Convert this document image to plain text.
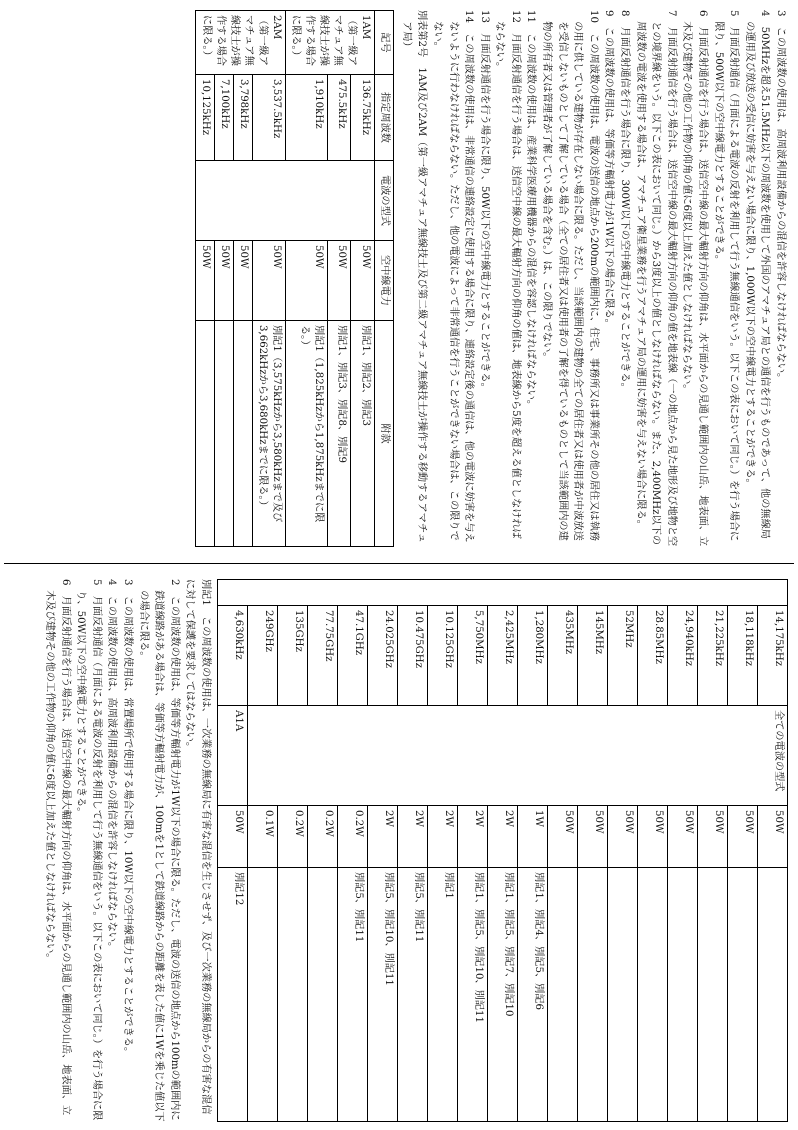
3　この周波数の使用は、高周波利用設備からの混信を許容しなければならない。

4　50MHzを超え51.5MHz以下の周波数を使用して外国のアマチュア局との通信を行うものであって、他の無線局の運用及び放送の受信に妨害を与えない場合に限り、1,000W以下の空中線電力とすることができる。

5　月面反射通信（月面による電波の反射を利用して行う無線通信をいう。以下この表において同じ。）を行う場合に限り、500W以下の空中線電力とすることができる。

6　月面反射通信を行う場合は、送信空中線の最大輻射方向の仰角は、水平面からの見通し範囲内の山岳、地表面、立木及び建物その他の工作物の仰角の値に6度以上加えた値としなければならない。

7　月面反射通信を行う場合は、送信空中線の最大輻射方向の仰角の値を地表線（一の地点から見た地形及び地物と空との境界線をいう。以下この表において同じ。）から3度以上の値としなければならない。また、2,400MHz以下の周波数の電波を使用する場合は、アマチュア衛星業務を行うアマチュア局の運用に妨害を与えない場合に限る。

8　月面反射通信を行う場合に限り、300W以下の空中線電力とすることができる。

9　この周波数の使用は、等価等方輻射電力が1W以下の場合に限る。

10　この周波数の使用は、電波の送信の地点から200mの範囲内に、住宅、事務所又は事業所その他の居住又は執務の用に供している建物が存在しない場合に限る。ただし、当該範囲内の建物の全ての居住者又は使用者が中波放送を受信しないものとして了解している場合（全ての居住者又は使用者の了解を得ているものとして当該範囲内の建物の所有者又は管理者が了解している場合を含む。）は、この限りでない。

11　この周波数の使用は、産業科学医療用機器からの混信を容認しなければならない。

12　月面反射通信を行う場合は、送信空中線の最大輻射方向の仰角の値は、地表線から5度を超える値としなければならない。

13　月面反射通信を行う場合に限り、50W以下の空中線電力とすることができる。

14　この周波数の使用は、非常通信の連絡設定に使用する場合に限り、連絡設定後の通信は、他の電波に妨害を与えないように行わなければならない。ただし、他の電波によって非常通信を行うことができない場合は、この限りでない。

別表第2号　1AM及び2AM（第一級アマチュア無線技士及び第二級アマチュア無線技士が操作する移動するアマチュア局）

記号	指定周波数	電波の型式	空中線電力	附款
1AM
（第一級アマチュア無線技士が操作する場合に限る。）	136.75kHz		50W	別記1、別記2、別記3
	475.5kHz		50W	別記1、別記3、別記8、別記9
	1,910kHz		50W	別記1（1,825kHzから1,875kHzまでに限る。）
2AM
（第一級アマチュア無線技士が操作する場合に限る。）	3,537.5kHz		50W	別記1（3,575kHzから3,580kHzまで及び3,662kHzから3,680kHzまでに限る。）
	3,798kHz		50W	
	7,100kHz		50W	
	10,125kHz		50W	
	14,175kHz	全ての電波の型式	50W	
	18,118kHz		50W	
	21,225kHz		50W	
	24,940kHz		50W	
	28.85MHz		50W	
	52MHz		50W	
	145MHz		50W	
	435MHz		50W	
	1,280MHz		1W	別記1、別記4、別記5、別記6
	2,425MHz		2W	別記1、別記5、別記7、別記10
	5,750MHz		2W	別記1、別記5、別記10、別記11
	10.125GHz		2W	別記1
	10.475GHz		2W	別記5、別記11
	24.025GHz		2W	別記5、別記10、別記11
	47.1GHz		0.2W	別記5、別記11
	77.75GHz		0.2W	
	135GHz		0.2W	
	249GHz		0.1W	
	4,630kHz	A1A	50W	別記12

別記1　この周波数の使用は、一次業務の無線局に有害な混信を生じさせず、及び一次業務の無線局からの有害な混信に対して保護を要求してはならない。

2　この周波数の使用は、等価等方輻射電力が1W以下の場合に限る。ただし、電波の送信の地点から100mの範囲内に鉄道線路がある場合は、等価等方輻射電力が、100mを1として鉄道線路からの距離を表した値に1Wを乗じた値以下の場合に限る。

3　この周波数の使用は、常置場所で使用する場合に限り、10W以下の空中線電力とすることができる。

4　この周波数の使用は、高周波利用設備からの混信を許容しなければならない。

5　月面反射通信（月面による電波の反射を利用して行う無線通信をいう。以下この表において同じ。）を行う場合に限り、50W以下の空中線電力とすることができる。

6　月面反射通信を行う場合は、送信空中線の最大輻射方向の仰角は、水平面からの見通し範囲内の山岳、地表面、立木及び建物その他の工作物の仰角の値に6度以上加えた値としなければならない。
